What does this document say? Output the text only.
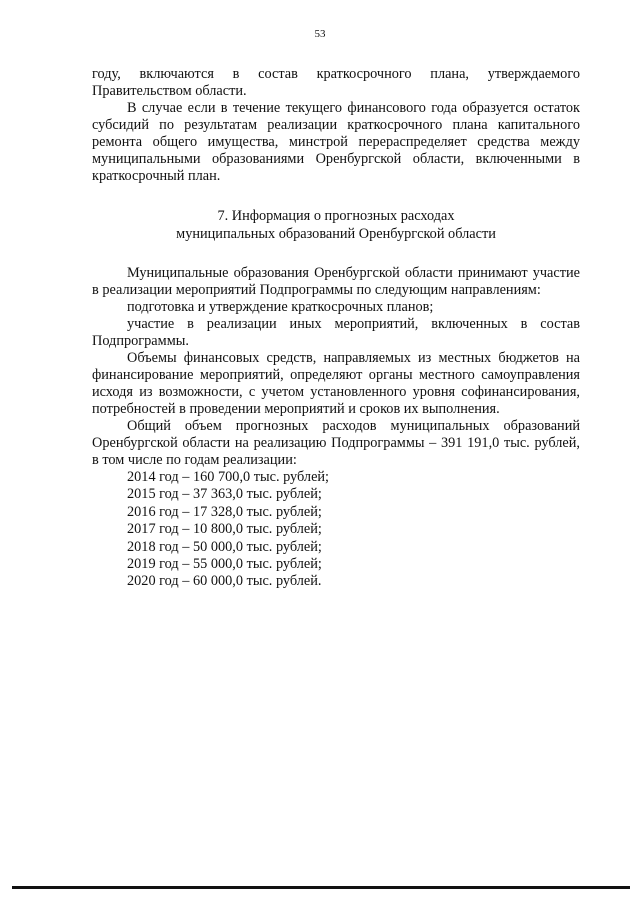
53

году, включаются в состав краткосрочного плана, утверждаемого Правительством области.

В случае если в течение текущего финансового года образуется остаток субсидий по результатам реализации краткосрочного плана капитального ремонта общего имущества, минстрой перераспределяет средства между муниципальными образованиями Оренбургской области, включенными в краткосрочный план.

7. Информация о прогнозных расходах
муниципальных образований Оренбургской области

Муниципальные образования Оренбургской области принимают участие в реализации мероприятий Подпрограммы по следующим направлениям:

подготовка и утверждение краткосрочных планов;

участие в реализации иных мероприятий, включенных в состав Подпрограммы.

Объемы финансовых средств, направляемых из местных бюджетов на финансирование мероприятий, определяют органы местного самоуправления исходя из возможности, с учетом установленного уровня софинансирования, потребностей в проведении мероприятий и сроков их выполнения.

Общий объем прогнозных расходов муниципальных образований Оренбургской области на реализацию Подпрограммы – 391 191,0 тыс. рублей, в том числе по годам реализации:

2014 год – 160 700,0 тыс. рублей;
2015 год – 37 363,0 тыс. рублей;
2016 год – 17 328,0 тыс. рублей;
2017 год – 10 800,0 тыс. рублей;
2018 год – 50 000,0 тыс. рублей;
2019 год – 55 000,0 тыс. рублей;
2020 год – 60 000,0 тыс. рублей.
